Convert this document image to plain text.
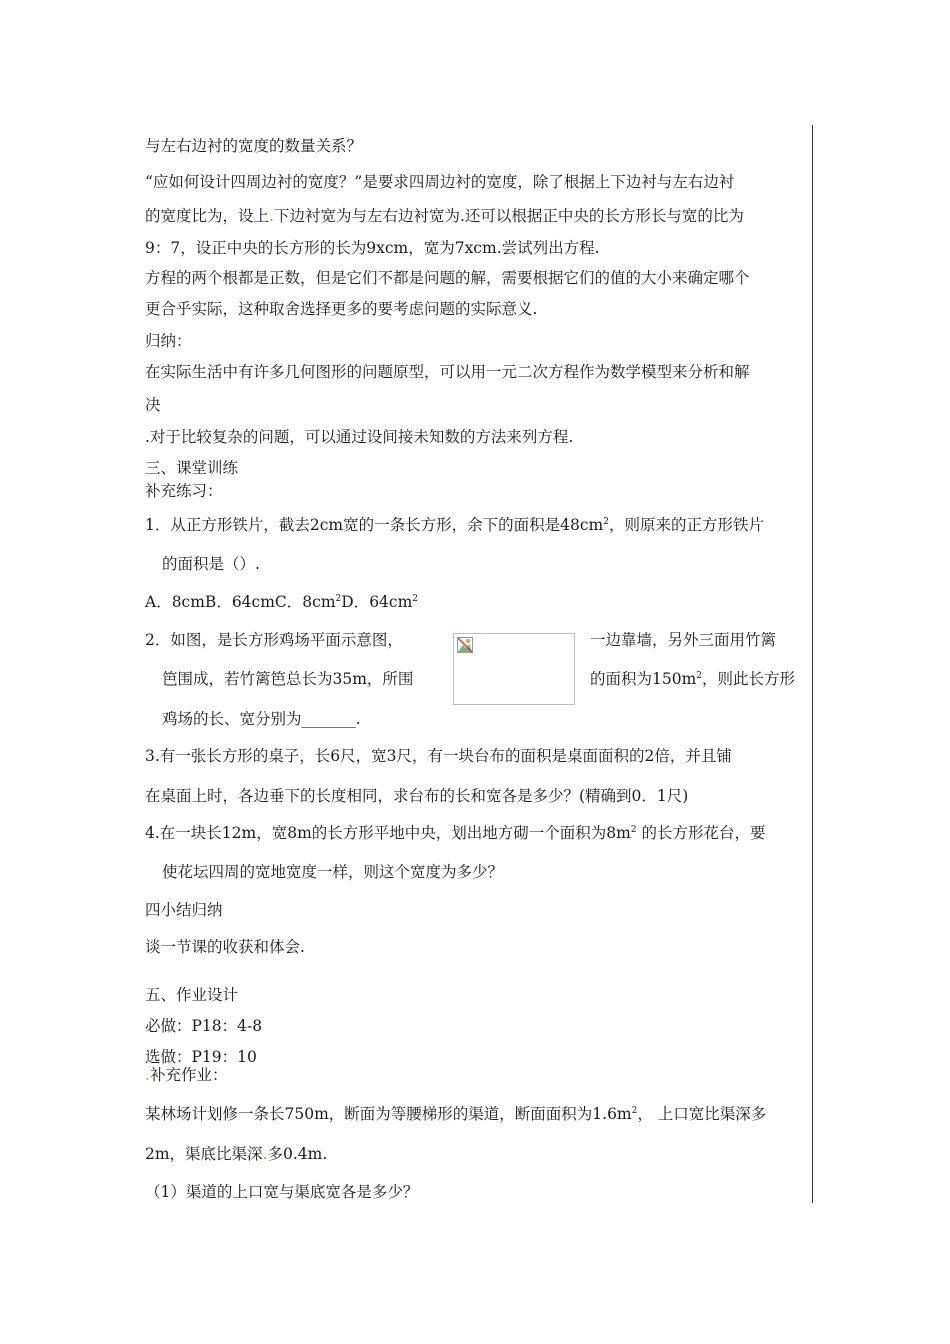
与左右边衬的宽度的数量关系？
“应如何设计四周边衬的宽度？”是要求四周边衬的宽度，除了根据上下边衬与左右边衬
的宽度比为，设上.下边衬宽为与左右边衬宽为.还可以根据正中央的长方形长与宽的比为
9：7，设正中央的长方形的长为9xcm，宽为7xcm.尝试列出方程.
方程的两个根都是正数，但是它们不都是问题的解，需要根据它们的值的大小来确定哪个
更合乎实际，这种取舍选择更多的要考虑问题的实际意义.
归纳：
在实际生活中有许多几何图形的问题原型，可以用一元二次方程作为数学模型来分析和解
决
.对于比较复杂的问题，可以通过设间接未知数的方法来列方程.
三、课堂训练
补充练习：
1．从正方形铁片，截去2cm宽的一条长方形，余下的面积是$48cm^2$，则原来的正方形铁片
的面积是（）.
A．8cmB．64cmC．$8cm^2D$．$64cm^2$
2．如图，是长方形鸡场平面示意图，	一边靠墙，另外三面用竹篱
笆围成，若竹篱笆总长为35m，所围	的面积为$150m^2$，则此长方形
鸡场的长、宽分别为_______.
3.有一张长方形的桌子，长6尺，宽3尺，有一块台布的面积是桌面面积的2倍，并且铺
在桌面上时，各边垂下的长度相同，求台布的长和宽各是多少？(精确到0．1尺)
4.在一块长12m，宽8m的长方形平地中央，划出地方砌一个面积为$8m^2$ 的长方形花台，要
使花坛四周的宽地宽度一样，则这个宽度为多少？
四小结归纳
谈一节课的收获和体会.
五、作业设计
必做：P18：4-8
选做：P19：10
.补充作业：
某林场计划修一条长750m，断面为等腰梯形的渠道，断面面积为$1.6m^2$， 上口宽比渠深多
2m，渠底比渠深.多0.4m.
（1）渠道的上口宽与渠底宽各是多少？
